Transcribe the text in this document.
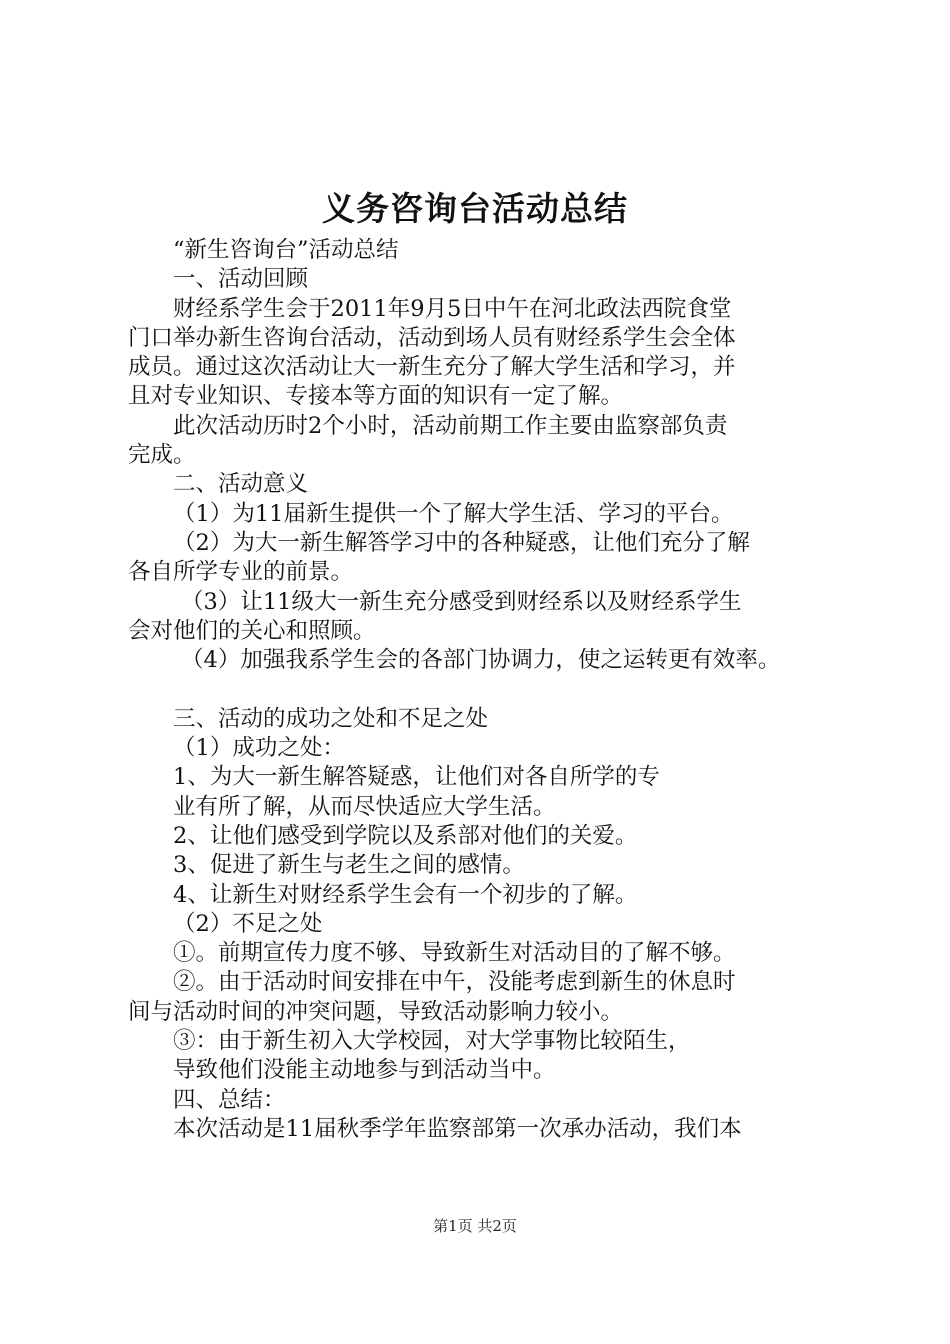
义务咨询台活动总结
“新生咨询台”活动总结
一、活动回顾
财经系学生会于2011年9月5日中午在河北政法西院食堂
门口举办新生咨询台活动，活动到场人员有财经系学生会全体
成员。通过这次活动让大一新生充分了解大学生活和学习，并
且对专业知识、专接本等方面的知识有一定了解。
此次活动历时2个小时，活动前期工作主要由监察部负责
完成。
二、活动意义
（1）为11届新生提供一个了解大学生活、学习的平台。
（2）为大一新生解答学习中的各种疑惑，让他们充分了解
各自所学专业的前景。
（3）让11级大一新生充分感受到财经系以及财经系学生
会对他们的关心和照顾。
（4）加强我系学生会的各部门协调力，使之运转更有效率。
三、活动的成功之处和不足之处
（1）成功之处：
1、为大一新生解答疑惑，让他们对各自所学的专
业有所了解，从而尽快适应大学生活。
2、让他们感受到学院以及系部对他们的关爱。
3、促进了新生与老生之间的感情。
4、让新生对财经系学生会有一个初步的了解。
（2）不足之处
①。前期宣传力度不够、导致新生对活动目的了解不够。
②。由于活动时间安排在中午，没能考虑到新生的休息时
间与活动时间的冲突问题，导致活动影响力较小。
③：由于新生初入大学校园，对大学事物比较陌生，
导致他们没能主动地参与到活动当中。
四、总结：
本次活动是11届秋季学年监察部第一次承办活动，我们本
第1页 共2页
